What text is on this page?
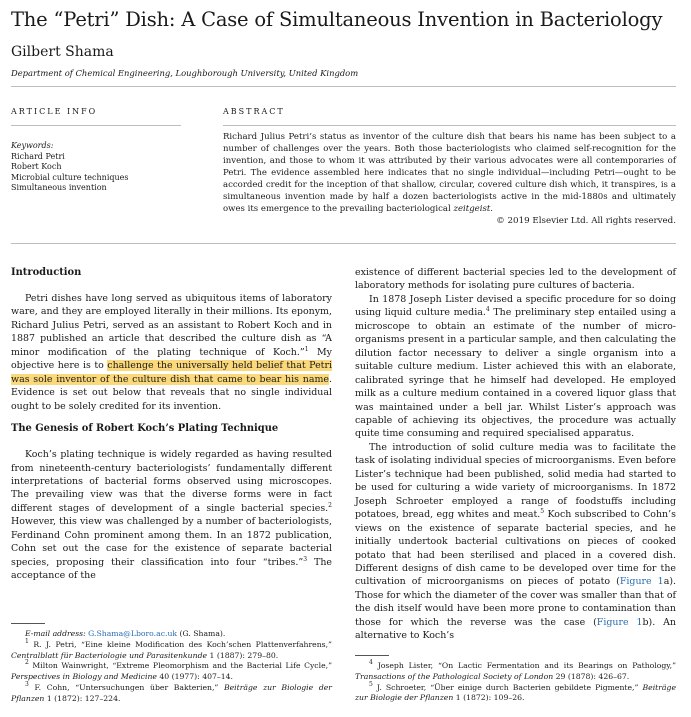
The “Petri” Dish: A Case of Simultaneous Invention in Bacteriology
Gilbert Shama
Department of Chemical Engineering, Loughborough University, United Kingdom
ARTICLE INFO	ABSTRACT
Keywords:
Richard Petri
Robert Koch
Microbial culture techniques
Simultaneous invention
Richard Julius Petri’s status as inventor of the culture dish that bears his name has been subject to a number of challenges over the years. Both those bacteriologists who claimed self-recognition for the invention, and those to whom it was attributed by their various advocates were all contemporaries of Petri. The evidence assembled here indicates that no single individual—including Petri—ought to be accorded credit for the inception of that shallow, circular, covered culture dish which, it transpires, is a simultaneous invention made by half a dozen bacteriologists active in the mid-1880s and ultimately owes its emergence to the prevailing bacteriological zeitgeist.
© 2019 Elsevier Ltd. All rights reserved.
Introduction

Petri dishes have long served as ubiquitous items of laboratory ware, and they are employed literally in their millions. Its eponym, Richard Julius Petri, served as an assistant to Robert Koch and in 1887 published an article that described the culture dish as “A minor modification of the plating technique of Koch.”$^1$ My objective here is to challenge the universally held belief that Petri was sole inventor of the culture dish that came to bear his name. Evidence is set out below that reveals that no single individual ought to be solely credited for its invention.

The Genesis of Robert Koch’s Plating Technique

Koch’s plating technique is widely regarded as having resulted from nineteenth-century bacteriologists’ fundamentally different interpretations of bacterial forms observed using microscopes. The prevailing view was that the diverse forms were in fact different stages of development of a single bacterial species.$^2$ However, this view was challenged by a number of bacteriologists, Ferdinand Cohn prominent among them. In an 1872 publication, Cohn set out the case for the existence of separate bacterial species, proposing their classification into four “tribes.”$^3$ The acceptance of the

existence of different bacterial species led to the development of laboratory methods for isolating pure cultures of bacteria.

In 1878 Joseph Lister devised a specific procedure for so doing using liquid culture media.$^4$ The preliminary step entailed using a microscope to obtain an estimate of the number of micro-organisms present in a particular sample, and then calculating the dilution factor necessary to deliver a single organism into a suitable culture medium. Lister achieved this with an elaborate, calibrated syringe that he himself had developed. He employed milk as a culture medium contained in a covered liquor glass that was maintained under a bell jar. Whilst Lister’s approach was capable of achieving its objectives, the procedure was actually quite time consuming and required specialised apparatus.

The introduction of solid culture media was to facilitate the task of isolating individual species of microorganisms. Even before Lister’s technique had been published, solid media had started to be used for culturing a wide variety of microorganisms. In 1872 Joseph Schroeter employed a range of foodstuffs including potatoes, bread, egg whites and meat.$^5$ Koch subscribed to Cohn’s views on the existence of separate bacterial species, and he initially undertook bacterial cultivations on pieces of cooked potato that had been sterilised and placed in a covered dish. Different designs of dish came to be developed over time for the cultivation of microorganisms on pieces of potato (Figure 1a). Those for which the diameter of the cover was smaller than that of the dish itself would have been more prone to contamination than those for which the reverse was the case (Figure 1b). An alternative to Koch’s

E-mail address: G.Shama@Lboro.ac.uk (G. Shama).

$^1$ R. J. Petri, “Eine kleine Modification des Koch’schen Plattenverfahrens,” Centralblatt für Bacteriologie und Parasitenkunde 1 (1887): 279–80.

$^2$ Milton Wainwright, “Extreme Pleomorphism and the Bacterial Life Cycle,” Perspectives in Biology and Medicine 40 (1977): 407–14.

$^3$ F. Cohn, “Untersuchungen über Bakterien,” Beiträge zur Biologie der Pflanzen 1 (1872): 127–224.

$^4$ Joseph Lister, “On Lactic Fermentation and its Bearings on Pathology,” Transactions of the Pathological Society of London 29 (1878): 426–67.

$^5$ J. Schroeter, “Über einige durch Bacterien gebildete Pigmente,” Beiträge zur Biologie der Pflanzen 1 (1872): 109–26.
